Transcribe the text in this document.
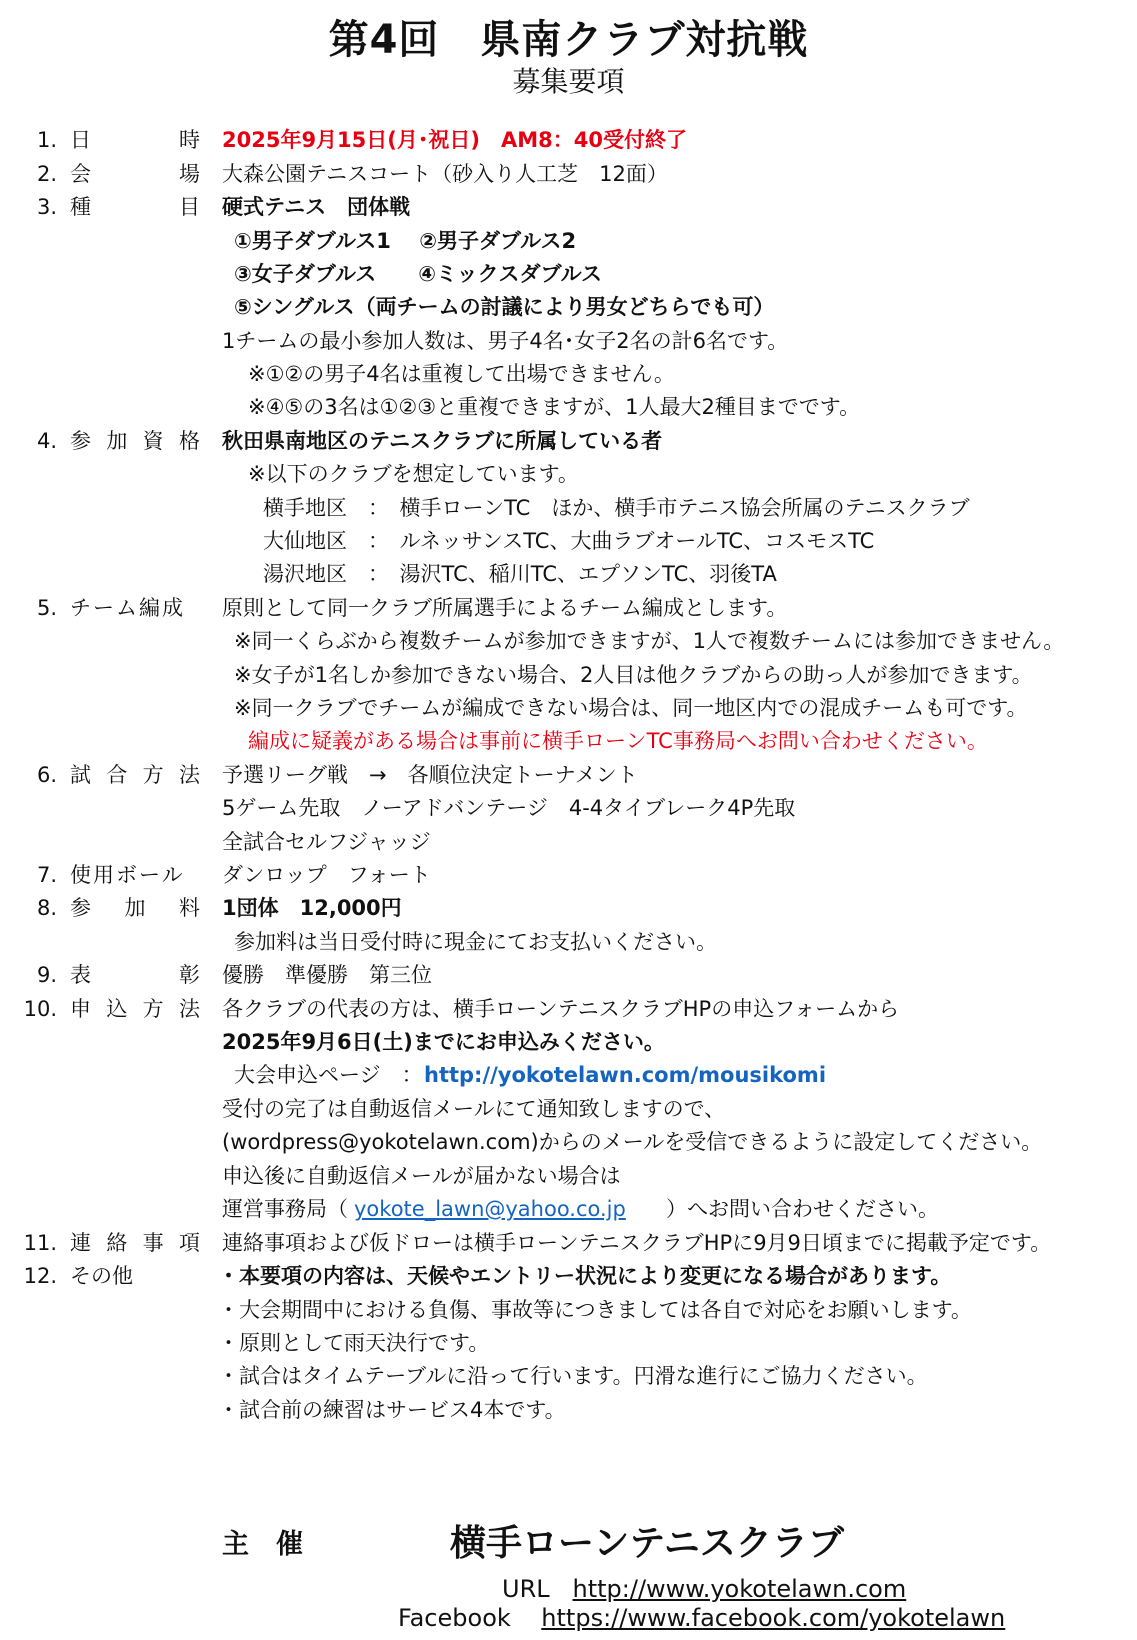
第4回　県南クラブ対抗戦
募集要項
1. 日	時 2025年9月15日(月･祝日)　AM8：40受付終了
2. 会	場 大森公園テニスコート（砂入り人工芝　12面）
3. 種	目 硬式テニス　団体戦
①男子ダブルス1　 ②男子ダブルス2
③女子ダブルス　　④ミックスダブルス
⑤シングルス（両チームの討議により男女どちらでも可）
1チームの最小参加人数は、男子4名･女子2名の計6名です。
※①②の男子4名は重複して出場できません。
※④⑤の3名は①②③と重複できますが、1人最大2種目までです。
4. 参 加 資 格 秋田県南地区のテニスクラブに所属している者
※以下のクラブを想定しています。
横手地区　：　横手ローンTC　ほか、横手市テニス協会所属のテニスクラブ
大仙地区　：　ルネッサンスTC、大曲ラブオールTC、コスモスTC
湯沢地区　：　湯沢TC、稲川TC、エプソンTC、羽後TA
5. チーム編成	原則として同一クラブ所属選手によるチーム編成とします。
※同一くらぶから複数チームが参加できますが、1人で複数チームには参加できません。
※女子が1名しか参加できない場合、2人目は他クラブからの助っ人が参加できます。
※同一クラブでチームが編成できない場合は、同一地区内での混成チームも可です。
編成に疑義がある場合は事前に横手ローンTC事務局へお問い合わせください。
6. 試 合 方 法 予選リーグ戦　→　各順位決定トーナメント
5ゲーム先取　ノーアドバンテージ　4-4タイブレーク4P先取
全試合セルフジャッジ
7. 使用ボール	ダンロップ　フォート
8. 参 加 料 1団体　12,000円
参加料は当日受付時に現金にてお支払いください。
9. 表	彰 優勝　準優勝　第三位
10. 申 込 方 法 各クラブの代表の方は、横手ローンテニスクラブHPの申込フォームから
2025年9月6日(土)までにお申込みください。
大会申込ページ　： http://yokotelawn.com/mousikomi
受付の完了は自動返信メールにて通知致しますので、
(wordpress@yokotelawn.com)からのメールを受信できるように設定してください。
申込後に自動返信メールが届かない場合は
運営事務局（ yokote_lawn@yahoo.co.jp ）へお問い合わせください。
11. 連 絡 事 項 連絡事項および仮ドローは横手ローンテニスクラブHPに9月9日頃までに掲載予定です。
12. その他	・本要項の内容は、天候やエントリー状況により変更になる場合があります。
・大会期間中における負傷、事故等につきましては各自で対応をお願いします。
・原則として雨天決行です。
・試合はタイムテーブルに沿って行います。円滑な進行にご協力ください。
・試合前の練習はサービス4本です。
主　催	横手ローンテニスクラブ
URL http://www.yokotelawn.com
Facebook https://www.facebook.com/yokotelawn
